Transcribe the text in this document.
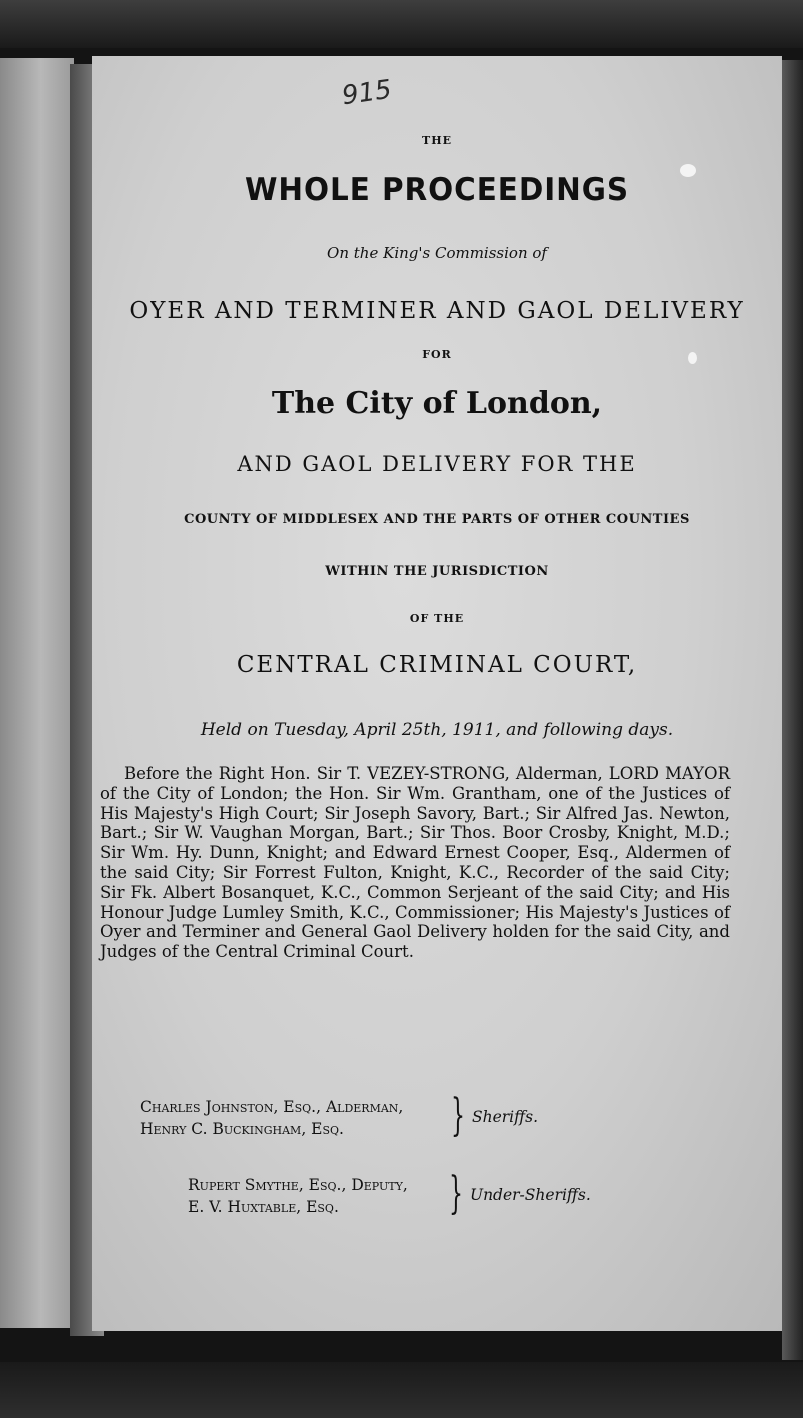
915
THE
WHOLE PROCEEDINGS
On the King's Commission of
OYER AND TERMINER AND GAOL DELIVERY
FOR
The City of London,
AND GAOL DELIVERY FOR THE
COUNTY OF MIDDLESEX AND THE PARTS OF OTHER COUNTIES
WITHIN THE JURISDICTION
OF THE
CENTRAL CRIMINAL COURT,
Held on Tuesday, April 25th, 1911, and following days.
Before the Right Hon. Sir T. VEZEY-STRONG, Alderman, LORD MAYOR of the City of London; the Hon. Sir Wm. Grantham, one of the Justices of His Majesty's High Court; Sir Joseph Savory, Bart.; Sir Alfred Jas. Newton, Bart.; Sir W. Vaughan Morgan, Bart.; Sir Thos. Boor Crosby, Knight, M.D.; Sir Wm. Hy. Dunn, Knight; and Edward Ernest Cooper, Esq., Aldermen of the said City; Sir Forrest Fulton, Knight, K.C., Recorder of the said City; Sir Fk. Albert Bosanquet, K.C., Common Serjeant of the said City; and His Honour Judge Lumley Smith, K.C., Commissioner; His Majesty's Justices of Oyer and Terminer and General Gaol Delivery holden for the said City, and Judges of the Central Criminal Court.
Charles Johnston, Esq., Alderman,
Henry C. Buckingham, Esq.	} Sheriffs.
Rupert Smythe, Esq., Deputy,
E. V. Huxtable, Esq.	} Under-Sheriffs.
